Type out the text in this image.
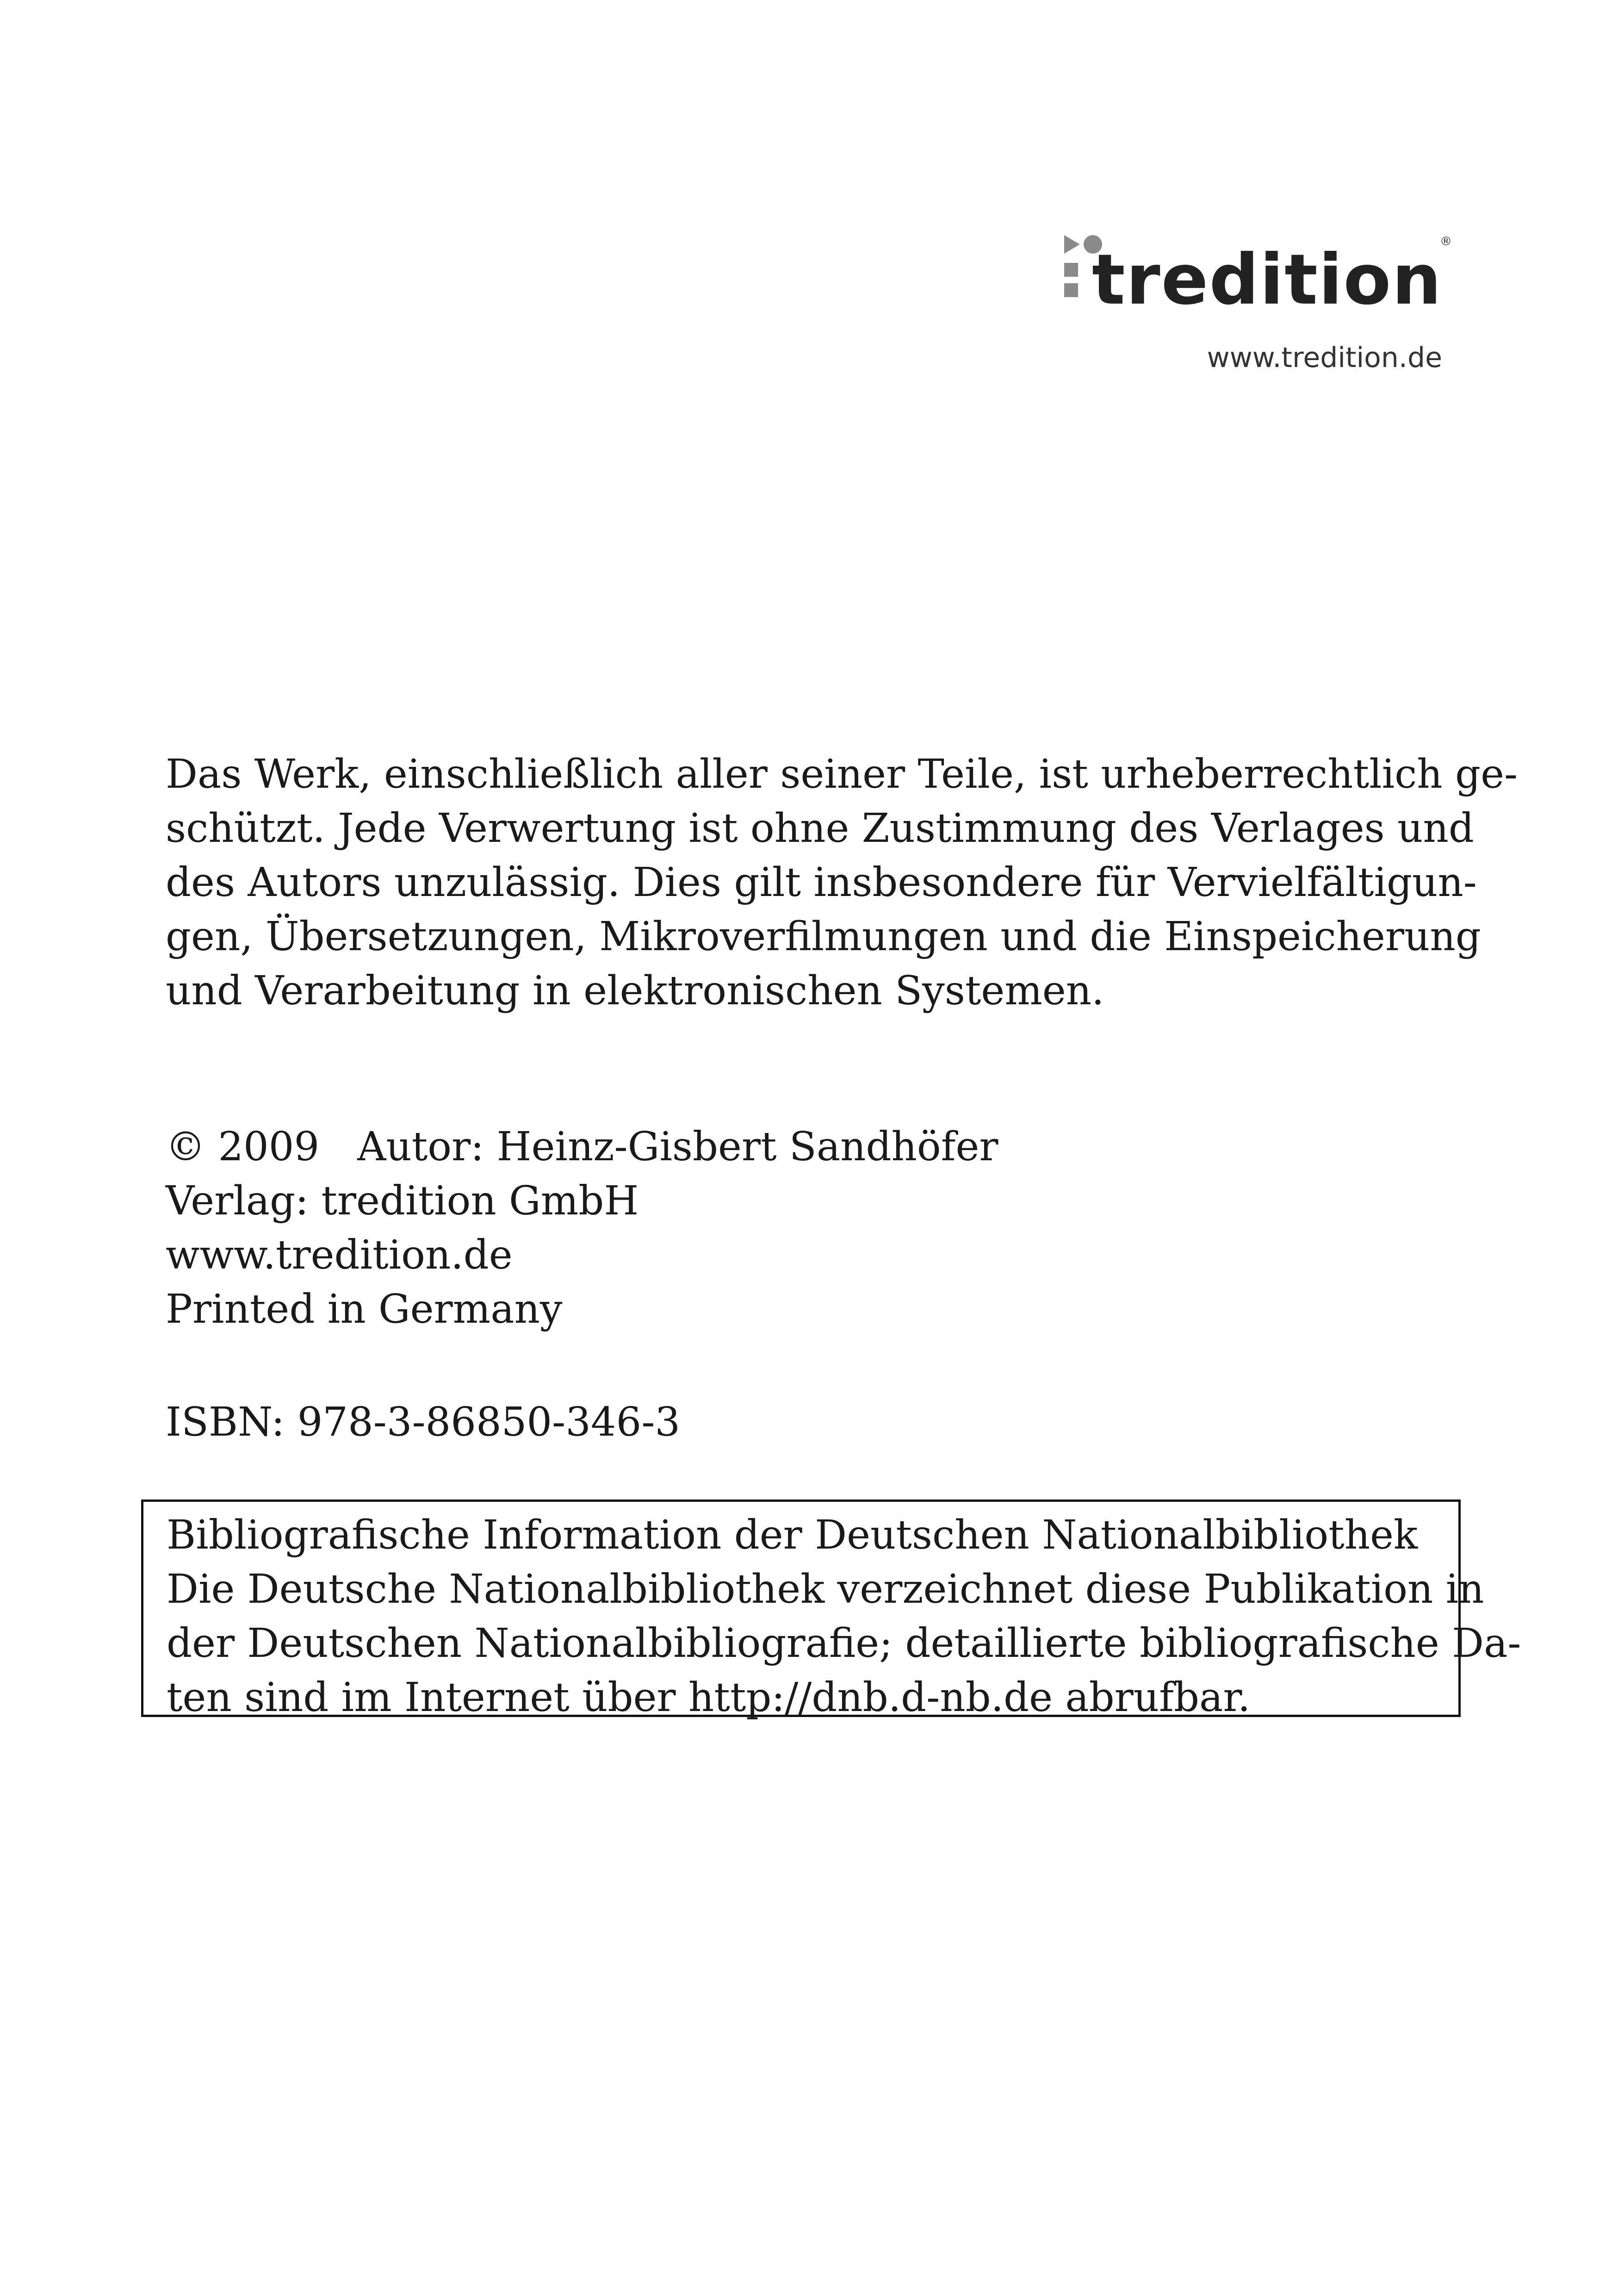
tredition
®
www.tredition.de
Das Werk, einschließlich aller seiner Teile, ist urheberrechtlich ge-
schützt. Jede Verwertung ist ohne Zustimmung des Verlages und
des Autors unzulässig. Dies gilt insbesondere für Vervielfältigun-
gen, Übersetzungen, Mikroverfilmungen und die Einspeicherung
und Verarbeitung in elektronischen Systemen.
© 2009   Autor: Heinz-Gisbert Sandhöfer
Verlag: tredition GmbH
www.tredition.de
Printed in Germany
ISBN: 978-3-86850-346-3
Bibliografische Information der Deutschen Nationalbibliothek
Die Deutsche Nationalbibliothek verzeichnet diese Publikation in
der Deutschen Nationalbibliografie; detaillierte bibliografische Da-
ten sind im Internet über http://dnb.d-nb.de abrufbar.
